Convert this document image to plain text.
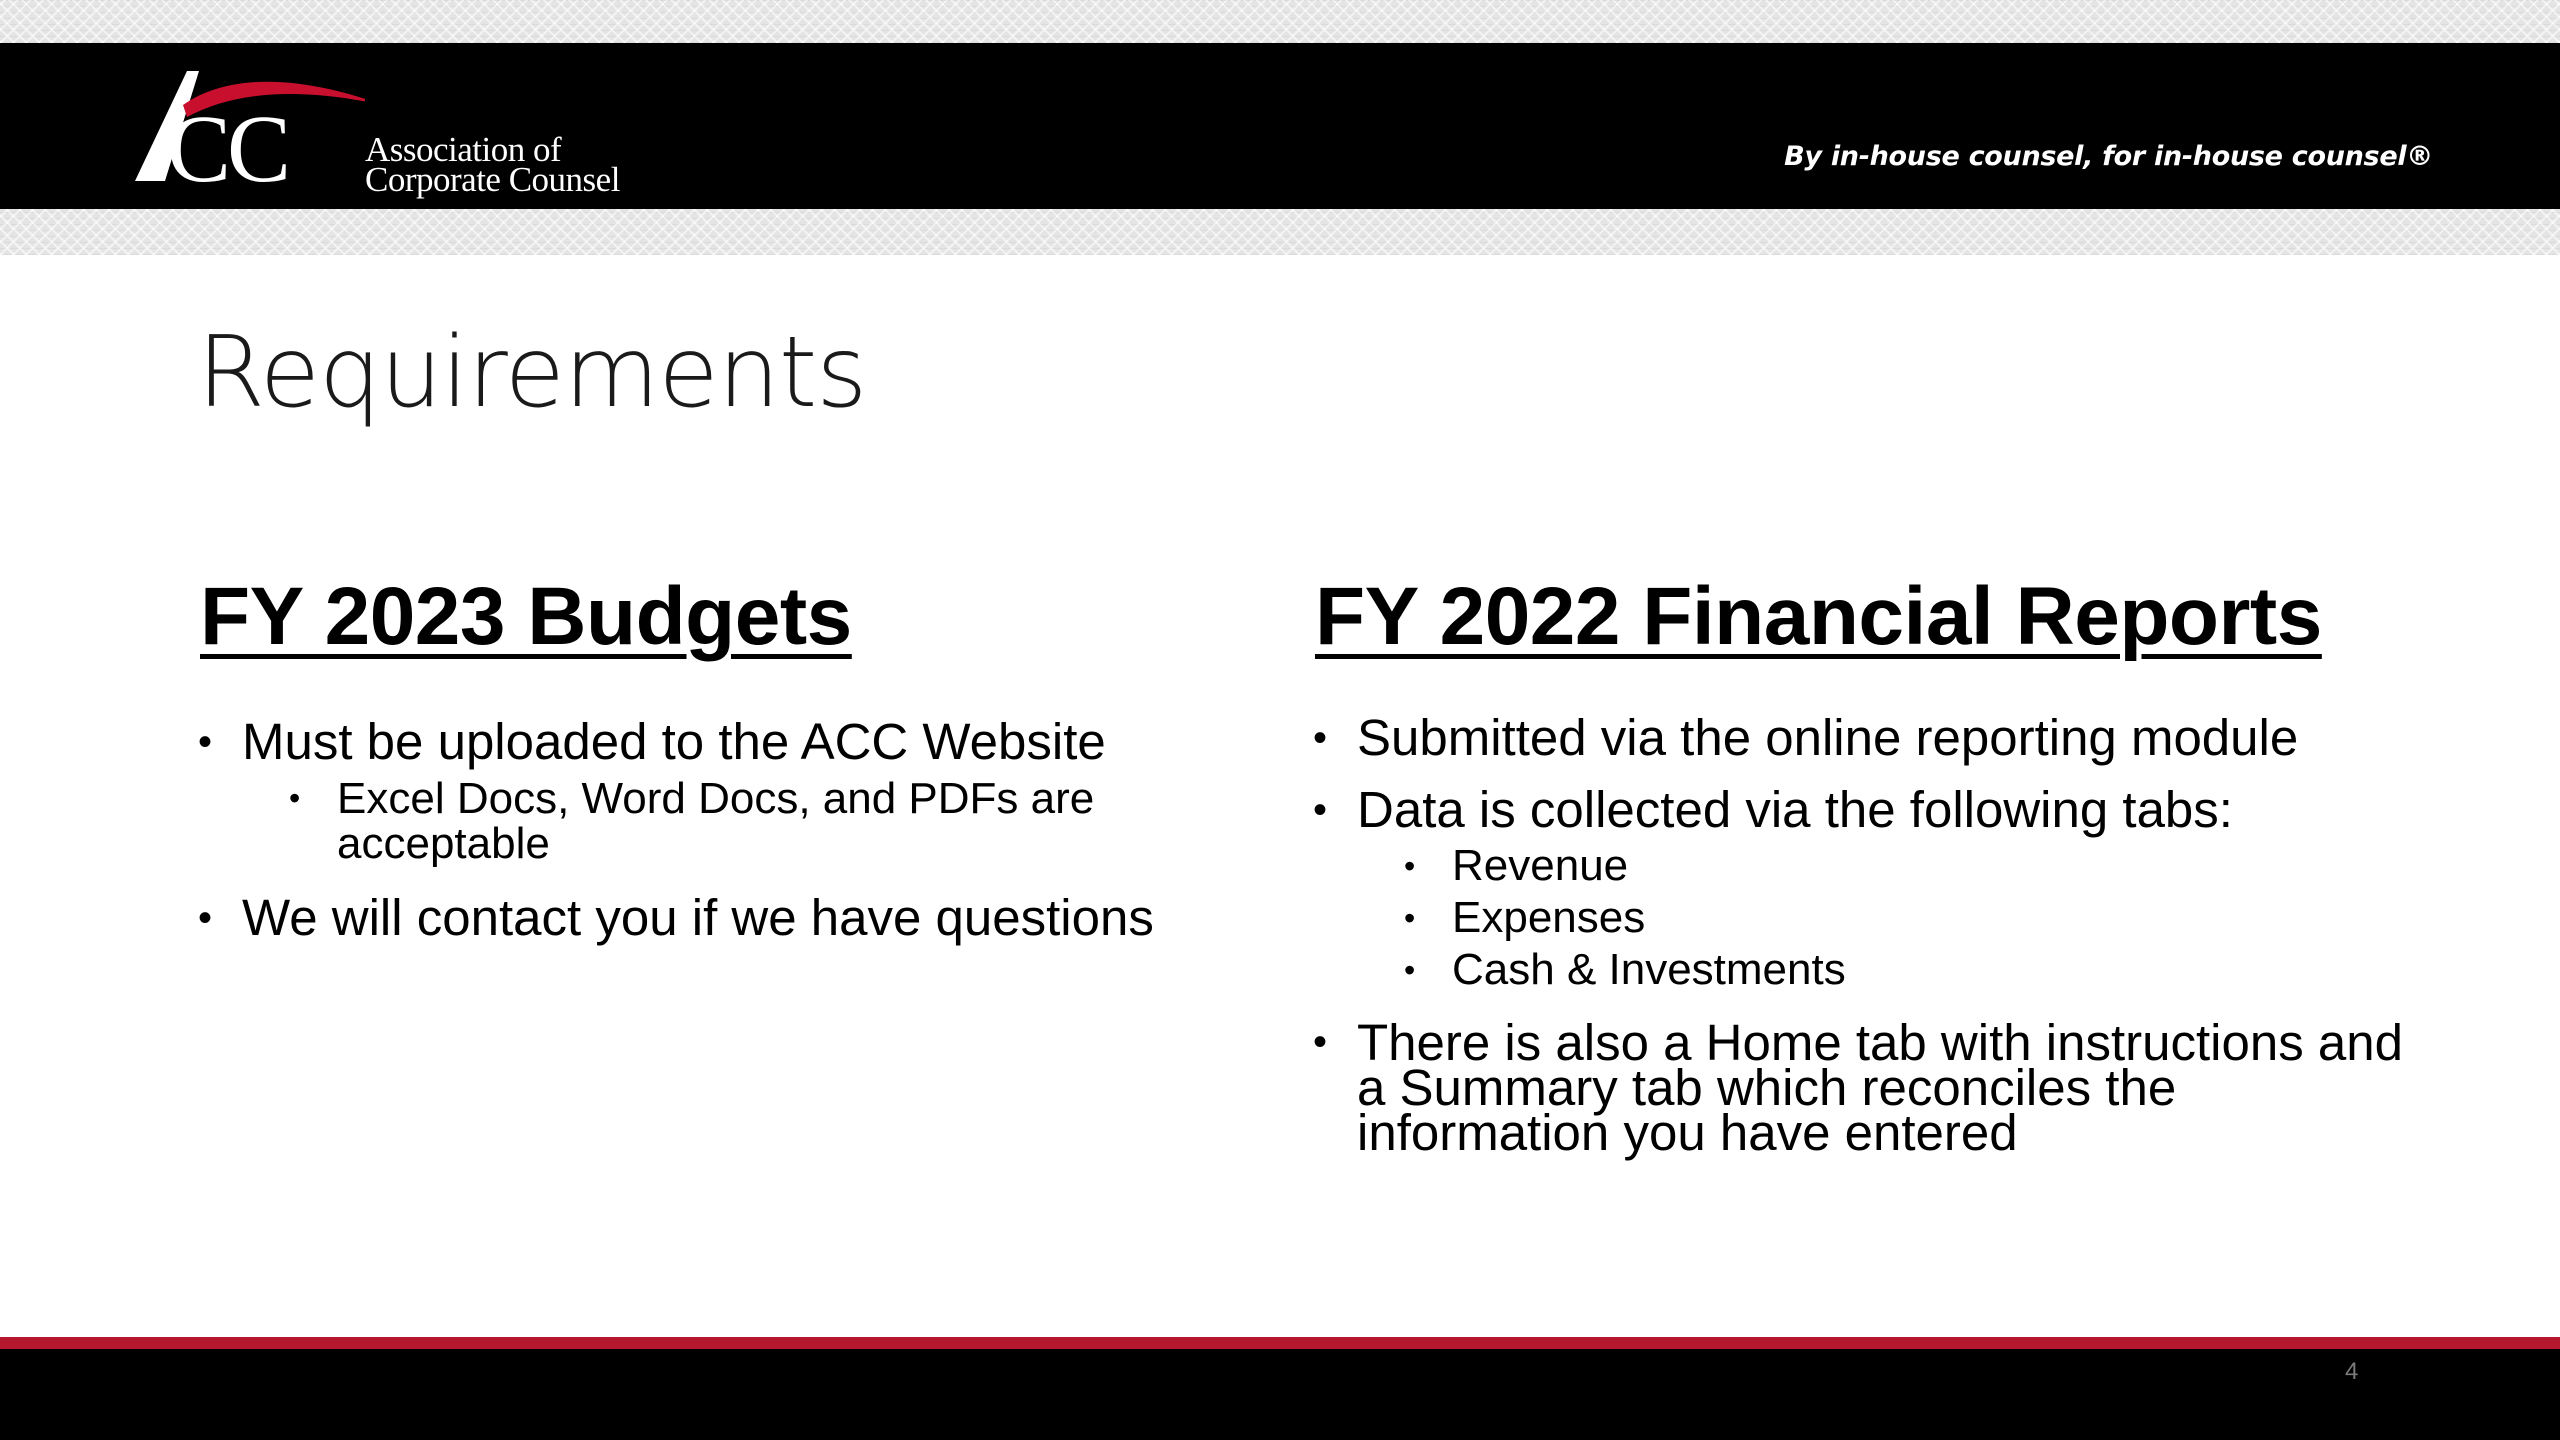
CC Association of
Corporate Counsel
By in-house counsel, for in-house counsel®
Requirements
FY 2023 Budgets
• Must be uploaded to the ACC Website
• Excel Docs, Word Docs, and PDFs are acceptable
• We will contact you if we have questions
FY 2022 Financial Reports
• Submitted via the online reporting module
• Data is collected via the following tabs:
• Revenue
• Expenses
• Cash & Investments
• There is also a Home tab with instructions and a Summary tab which reconciles the information you have entered
4
